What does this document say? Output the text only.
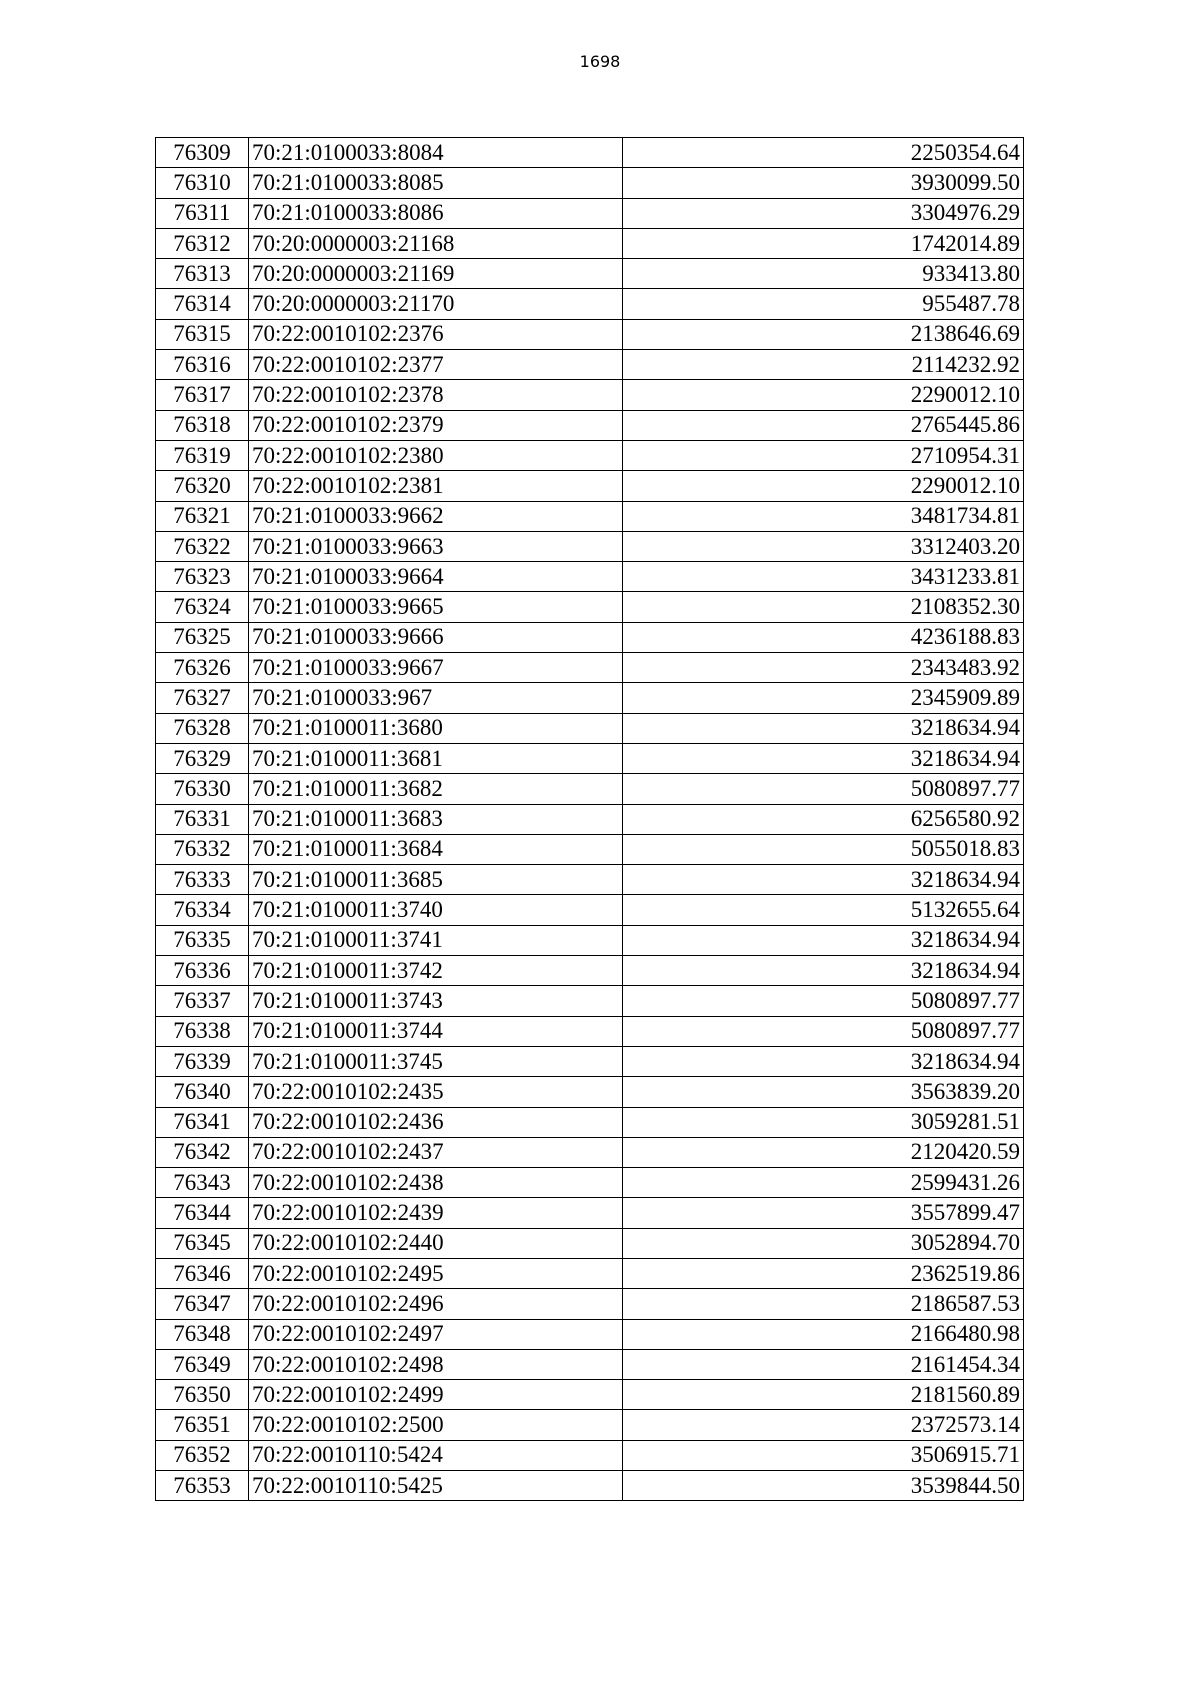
1698
76309	70:21:0100033:8084	2250354.64
76310	70:21:0100033:8085	3930099.50
76311	70:21:0100033:8086	3304976.29
76312	70:20:0000003:21168	1742014.89
76313	70:20:0000003:21169	933413.80
76314	70:20:0000003:21170	955487.78
76315	70:22:0010102:2376	2138646.69
76316	70:22:0010102:2377	2114232.92
76317	70:22:0010102:2378	2290012.10
76318	70:22:0010102:2379	2765445.86
76319	70:22:0010102:2380	2710954.31
76320	70:22:0010102:2381	2290012.10
76321	70:21:0100033:9662	3481734.81
76322	70:21:0100033:9663	3312403.20
76323	70:21:0100033:9664	3431233.81
76324	70:21:0100033:9665	2108352.30
76325	70:21:0100033:9666	4236188.83
76326	70:21:0100033:9667	2343483.92
76327	70:21:0100033:967	2345909.89
76328	70:21:0100011:3680	3218634.94
76329	70:21:0100011:3681	3218634.94
76330	70:21:0100011:3682	5080897.77
76331	70:21:0100011:3683	6256580.92
76332	70:21:0100011:3684	5055018.83
76333	70:21:0100011:3685	3218634.94
76334	70:21:0100011:3740	5132655.64
76335	70:21:0100011:3741	3218634.94
76336	70:21:0100011:3742	3218634.94
76337	70:21:0100011:3743	5080897.77
76338	70:21:0100011:3744	5080897.77
76339	70:21:0100011:3745	3218634.94
76340	70:22:0010102:2435	3563839.20
76341	70:22:0010102:2436	3059281.51
76342	70:22:0010102:2437	2120420.59
76343	70:22:0010102:2438	2599431.26
76344	70:22:0010102:2439	3557899.47
76345	70:22:0010102:2440	3052894.70
76346	70:22:0010102:2495	2362519.86
76347	70:22:0010102:2496	2186587.53
76348	70:22:0010102:2497	2166480.98
76349	70:22:0010102:2498	2161454.34
76350	70:22:0010102:2499	2181560.89
76351	70:22:0010102:2500	2372573.14
76352	70:22:0010110:5424	3506915.71
76353	70:22:0010110:5425	3539844.50
